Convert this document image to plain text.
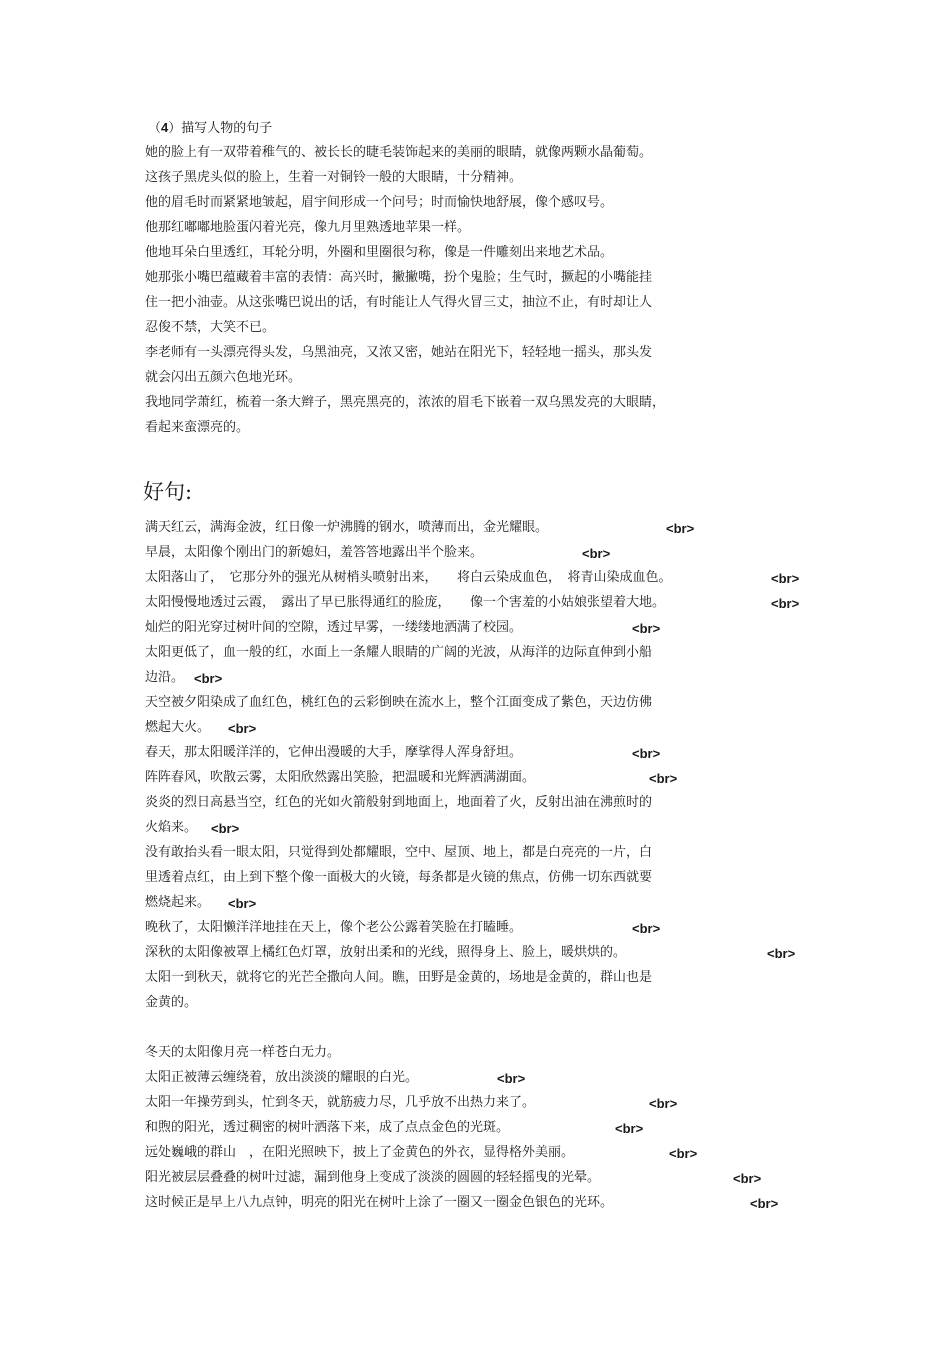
（4）描写人物的句子
她的脸上有一双带着稚气的、被长长的睫毛装饰起来的美丽的眼睛，就像两颗水晶葡萄。
这孩子黑虎头似的脸上，生着一对铜铃一般的大眼睛，十分精神。
他的眉毛时而紧紧地皱起，眉宇间形成一个问号；时而愉快地舒展，像个感叹号。
他那红嘟嘟地脸蛋闪着光亮，像九月里熟透地苹果一样。
他地耳朵白里透红，耳轮分明，外圈和里圈很匀称，像是一件雕刻出来地艺术品。
她那张小嘴巴蕴藏着丰富的表情：高兴时，撇撇嘴，扮个鬼脸；生气时，撅起的小嘴能挂
住一把小油壶。从这张嘴巴说出的话，有时能让人气得火冒三丈，抽泣不止，有时却让人
忍俊不禁，大笑不已。
李老师有一头漂亮得头发，乌黑油亮，又浓又密，她站在阳光下，轻轻地一摇头，那头发
就会闪出五颜六色地光环。
我地同学萧红，梳着一条大辫子，黑亮黑亮的，浓浓的眉毛下嵌着一双乌黑发亮的大眼睛，
看起来蛮漂亮的。
好句:
满天红云，满海金波，红日像一炉沸腾的钢水，喷薄而出，金光耀眼。	<br>
早晨，太阳像个刚出门的新媳妇，羞答答地露出半个脸来。	<br>
太阳落山了，　它那分外的强光从树梢头喷射出来，　　将白云染成血色，　将青山染成血色。	<br>
太阳慢慢地透过云霞，　露出了早已胀得通红的脸庞，　　像一个害羞的小姑娘张望着大地。	<br>
灿烂的阳光穿过树叶间的空隙，透过早雾，一缕缕地洒满了校园。	<br>
太阳更低了，血一般的红，水面上一条耀人眼睛的广阔的光波，从海洋的边际直伸到小船
边沿。 <br>
天空被夕阳染成了血红色，桃红色的云彩倒映在流水上，整个江面变成了紫色，天边仿佛
燃起大火。 <br>
春天，那太阳暖洋洋的，它伸出漫暖的大手，摩挲得人浑身舒坦。	<br>
阵阵春风，吹散云雾，太阳欣然露出笑脸，把温暖和光辉洒满湖面。	<br>
炎炎的烈日高悬当空，红色的光如火箭般射到地面上，地面着了火，反射出油在沸煎时的
火焰来。 <br>
没有敢抬头看一眼太阳，只觉得到处都耀眼，空中、屋顶、地上，都是白亮亮的一片，白
里透着点红，由上到下整个像一面极大的火镜，每条都是火镜的焦点，仿佛一切东西就要
燃烧起来。 <br>
晚秋了，太阳懒洋洋地挂在天上，像个老公公露着笑脸在打瞌睡。	<br>
深秋的太阳像被罩上橘红色灯罩，放射出柔和的光线，照得身上、脸上，暖烘烘的。	<br>
太阳一到秋天，就将它的光芒全撒向人间。瞧，田野是金黄的，场地是金黄的，群山也是
金黄的。
冬天的太阳像月亮一样苍白无力。
太阳正被薄云缠绕着，放出淡淡的耀眼的白光。	<br>
太阳一年操劳到头，忙到冬天，就筋疲力尽，几乎放不出热力来了。	<br>
和煦的阳光，透过稠密的树叶洒落下来，成了点点金色的光斑。	<br>
远处巍峨的群山　，在阳光照映下，披上了金黄色的外衣，显得格外美丽。	<br>
阳光被层层叠叠的树叶过滤，漏到他身上变成了淡淡的圆圆的轻轻摇曳的光晕。	<br>
这时候正是早上八九点钟，明亮的阳光在树叶上涂了一圈又一圈金色银色的光环。	<br>
